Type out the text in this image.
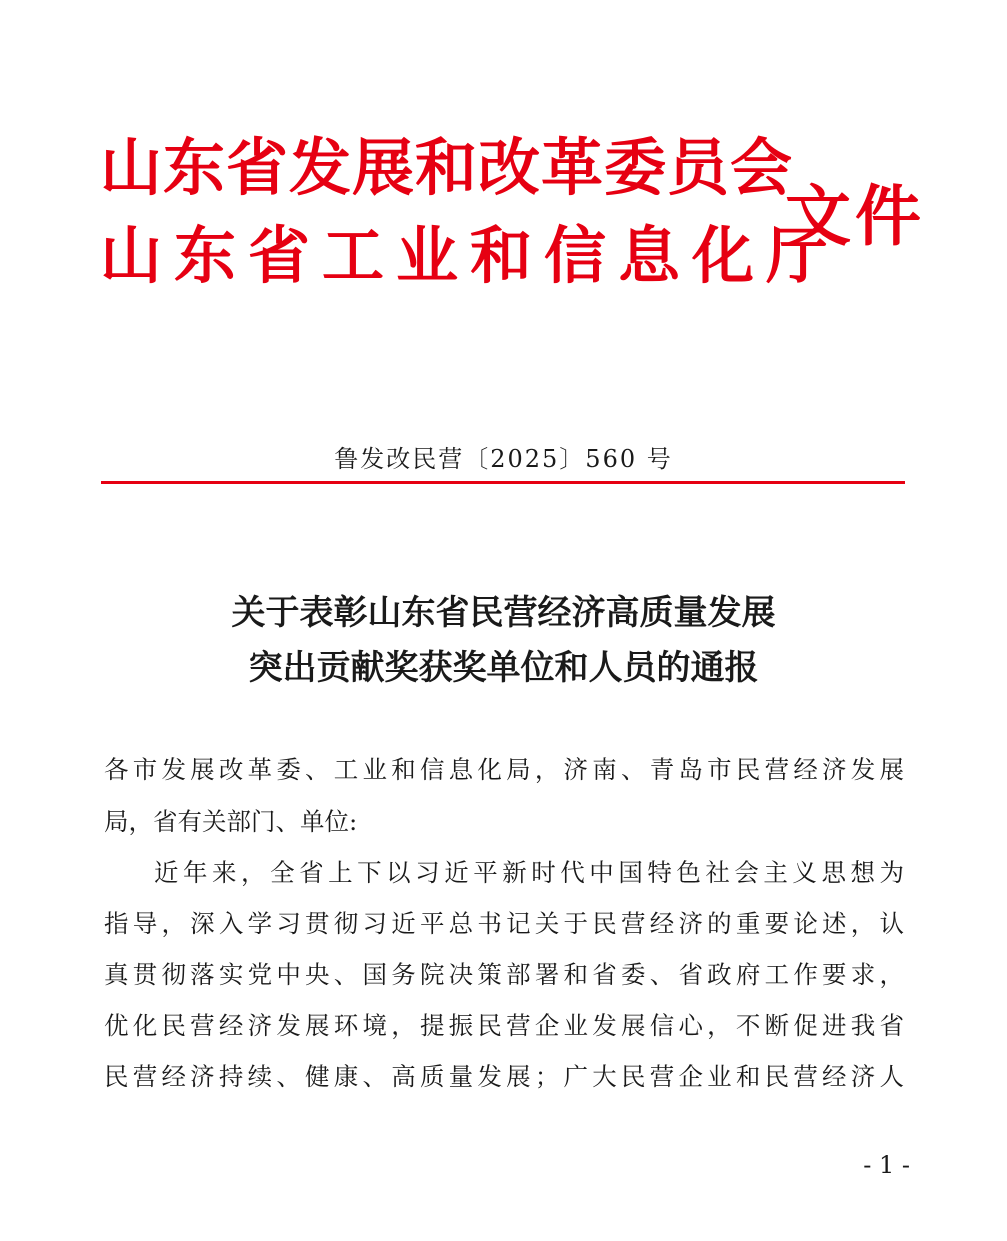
山东省发展和改革委员会
山东省工业和信息化厅
文件
鲁发改民营〔2025〕560 号
关于表彰山东省民营经济高质量发展
突出贡献奖获奖单位和人员的通报
各市发展改革委、工业和信息化局，济南、青岛市民营经济发展
局，省有关部门、单位:
近年来，全省上下以习近平新时代中国特色社会主义思想为
指导，深入学习贯彻习近平总书记关于民营经济的重要论述，认
真贯彻落实党中央、国务院决策部署和省委、省政府工作要求，
优化民营经济发展环境，提振民营企业发展信心，不断促进我省
民营经济持续、健康、高质量发展；广大民营企业和民营经济人
- 1 -
